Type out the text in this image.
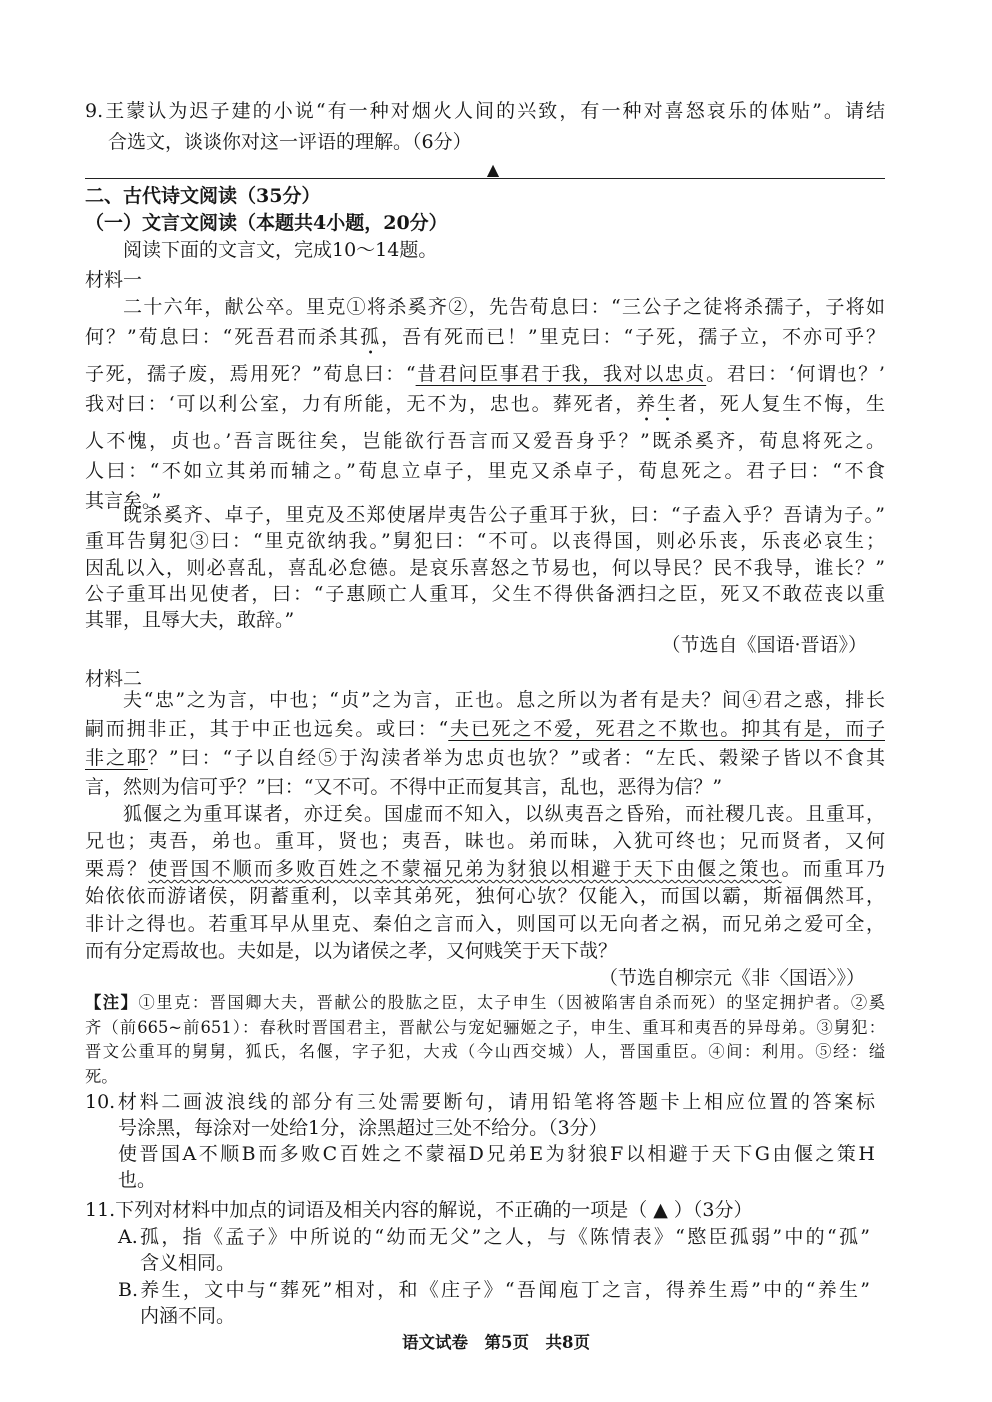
9.王蒙认为迟子建的小说“有一种对烟火人间的兴致，有一种对喜怒哀乐的体贴”。请结
合选文，谈谈你对这一评语的理解。（6分）
▲
二、古代诗文阅读（35分）
（一）文言文阅读（本题共4小题，20分）
阅读下面的文言文，完成10～14题。
材料一
二十六年，献公卒。里克①将杀奚齐②，先告荀息曰：“三公子之徒将杀孺子，子将如
何？”荀息曰：“死吾君而杀其孤，吾有死而已！”里克曰：“子死，孺子立，不亦可乎？
子死，孺子废，焉用死？”荀息曰：“昔君问臣事君于我，我对以忠贞。君曰：‘何谓也？’
我对曰：‘可以利公室，力有所能，无不为，忠也。葬死者，养生者，死人复生不悔，生
人不愧，贞也。’吾言既往矣，岂能欲行吾言而又爱吾身乎？”既杀奚齐，荀息将死之。
人曰：“不如立其弟而辅之。”荀息立卓子，里克又杀卓子，荀息死之。君子曰：“不食
其言矣。”
既杀奚齐、卓子，里克及丕郑使屠岸夷告公子重耳于狄，曰：“子盍入乎？吾请为子。”
重耳告舅犯③曰：“里克欲纳我。”舅犯曰：“不可。以丧得国，则必乐丧，乐丧必哀生；
因乱以入，则必喜乱，喜乱必怠德。是哀乐喜怒之节易也，何以导民？民不我导，谁长？”
公子重耳出见使者，曰：“子惠顾亡人重耳，父生不得供备洒扫之臣，死又不敢莅丧以重
其罪，且辱大夫，敢辞。”
（节选自《国语·晋语》）
材料二
夫“忠”之为言，中也；“贞”之为言，正也。息之所以为者有是夫？间④君之惑，排长
嗣而拥非正，其于中正也远矣。或曰：“夫已死之不爱，死君之不欺也。抑其有是，而子
非之耶？”曰：“子以自经⑤于沟渎者举为忠贞也欤？”或者：“左氏、榖梁子皆以不食其
言，然则为信可乎？”曰：“又不可。不得中正而复其言，乱也，恶得为信？”
狐偃之为重耳谋者，亦迂矣。国虚而不知入，以纵夷吾之昏殆，而社稷几丧。且重耳，
兄也；夷吾，弟也。重耳，贤也；夷吾，昧也。弟而昧，入犹可终也；兄而贤者，又何
栗焉？使晋国不顺而多败百姓之不蒙福兄弟为豺狼以相避于天下由偃之策也。而重耳乃
始依依而游诸侯，阴蓄重利，以幸其弟死，独何心欤？仅能入，而国以霸，斯福偶然耳，
非计之得也。若重耳早从里克、秦伯之言而入，则国可以无向者之祸，而兄弟之爱可全，
而有分定焉故也。夫如是，以为诸侯之孝，又何贱笑于天下哉？
（节选自柳宗元《非〈国语〉》）
【注】①里克：晋国卿大夫，晋献公的股肱之臣，太子申生（因被陷害自杀而死）的坚定拥护者。②奚
齐（前665~前651）：春秋时晋国君主，晋献公与宠妃骊姬之子，申生、重耳和夷吾的异母弟。③舅犯：
晋文公重耳的舅舅，狐氏，名偃，字子犯，大戎（今山西交城）人，晋国重臣。④间：利用。⑤经：缢
死。
10.材料二画波浪线的部分有三处需要断句，请用铅笔将答题卡上相应位置的答案标
号涂黑，每涂对一处给1分，涂黑超过三处不给分。（3分）
使晋国A不顺B而多败C百姓之不蒙福D兄弟E为豺狼F以相避于天下G由偃之策H
也。
11.下列对材料中加点的词语及相关内容的解说，不正确的一项是（ ▲ ）（3分）
A.孤，指《孟子》中所说的“幼而无父”之人，与《陈情表》“愍臣孤弱”中的“孤”
含义相同。
B.养生，文中与“葬死”相对，和《庄子》“吾闻庖丁之言，得养生焉”中的“养生”
内涵不同。
语文试卷　第5页　共8页
